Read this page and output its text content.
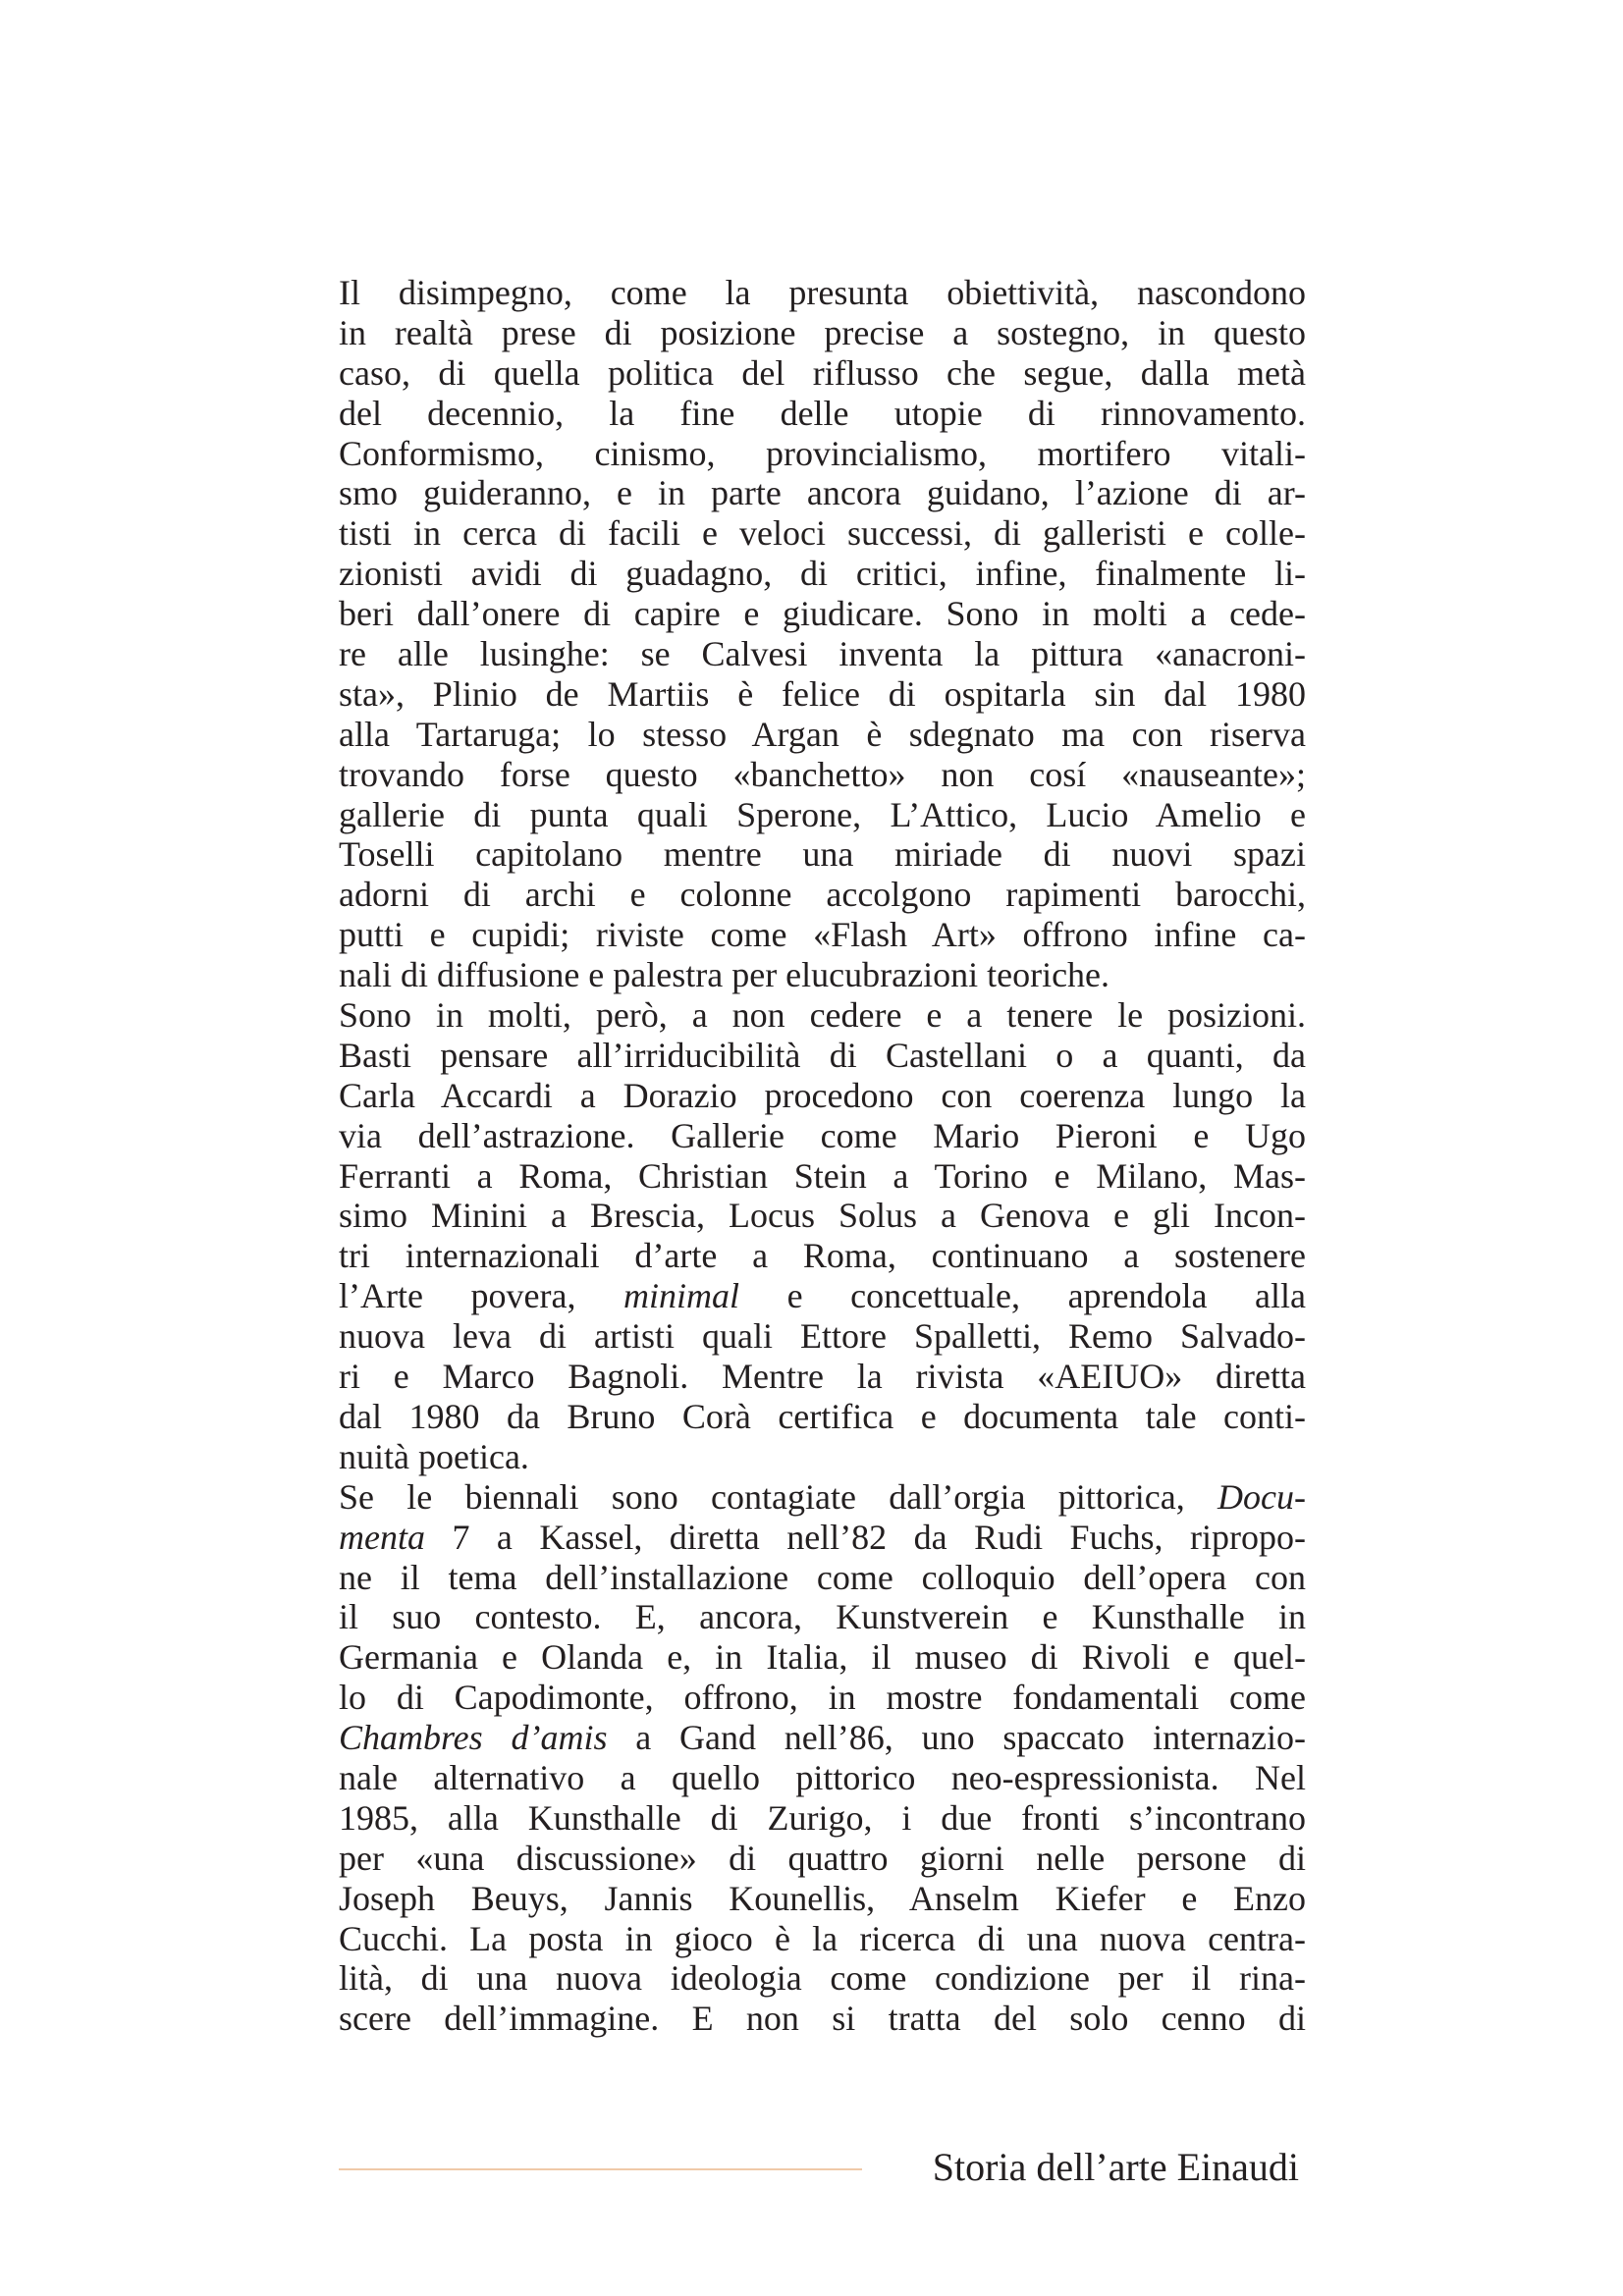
Il disimpegno, come la presunta obiettività, nascondono
in realtà prese di posizione precise a sostegno, in questo
caso, di quella politica del riflusso che segue, dalla metà
del decennio, la fine delle utopie di rinnovamento.
Conformismo, cinismo, provincialismo, mortifero vitali-
smo guideranno, e in parte ancora guidano, l’azione di ar-
tisti in cerca di facili e veloci successi, di galleristi e colle-
zionisti avidi di guadagno, di critici, infine, finalmente li-
beri dall’onere di capire e giudicare. Sono in molti a cede-
re alle lusinghe: se Calvesi inventa la pittura «anacroni-
sta», Plinio de Martiis è felice di ospitarla sin dal 1980
alla Tartaruga; lo stesso Argan è sdegnato ma con riserva
trovando forse questo «banchetto» non cosí «nauseante»;
gallerie di punta quali Sperone, L’Attico, Lucio Amelio e
Toselli capitolano mentre una miriade di nuovi spazi
adorni di archi e colonne accolgono rapimenti barocchi,
putti e cupidi; riviste come «Flash Art» offrono infine ca-
nali di diffusione e palestra per elucubrazioni teoriche.
Sono in molti, però, a non cedere e a tenere le posizioni.
Basti pensare all’irriducibilità di Castellani o a quanti, da
Carla Accardi a Dorazio procedono con coerenza lungo la
via dell’astrazione. Gallerie come Mario Pieroni e Ugo
Ferranti a Roma, Christian Stein a Torino e Milano, Mas-
simo Minini a Brescia, Locus Solus a Genova e gli Incon-
tri internazionali d’arte a Roma, continuano a sostenere
l’Arte povera, minimal e concettuale, aprendola alla
nuova leva di artisti quali Ettore Spalletti, Remo Salvado-
ri e Marco Bagnoli. Mentre la rivista «AEIUO» diretta
dal 1980 da Bruno Corà certifica e documenta tale conti-
nuità poetica.
Se le biennali sono contagiate dall’orgia pittorica, Docu-
menta 7 a Kassel, diretta nell’82 da Rudi Fuchs, ripropo-
ne il tema dell’installazione come colloquio dell’opera con
il suo contesto. E, ancora, Kunstverein e Kunsthalle in
Germania e Olanda e, in Italia, il museo di Rivoli e quel-
lo di Capodimonte, offrono, in mostre fondamentali come
Chambres d’amis a Gand nell’86, uno spaccato internazio-
nale alternativo a quello pittorico neo-espressionista. Nel
1985, alla Kunsthalle di Zurigo, i due fronti s’incontrano
per «una discussione» di quattro giorni nelle persone di
Joseph Beuys, Jannis Kounellis, Anselm Kiefer e Enzo
Cucchi. La posta in gioco è la ricerca di una nuova centra-
lità, di una nuova ideologia come condizione per il rina-
scere dell’immagine. E non si tratta del solo cenno di
Storia dell’arte Einaudi
